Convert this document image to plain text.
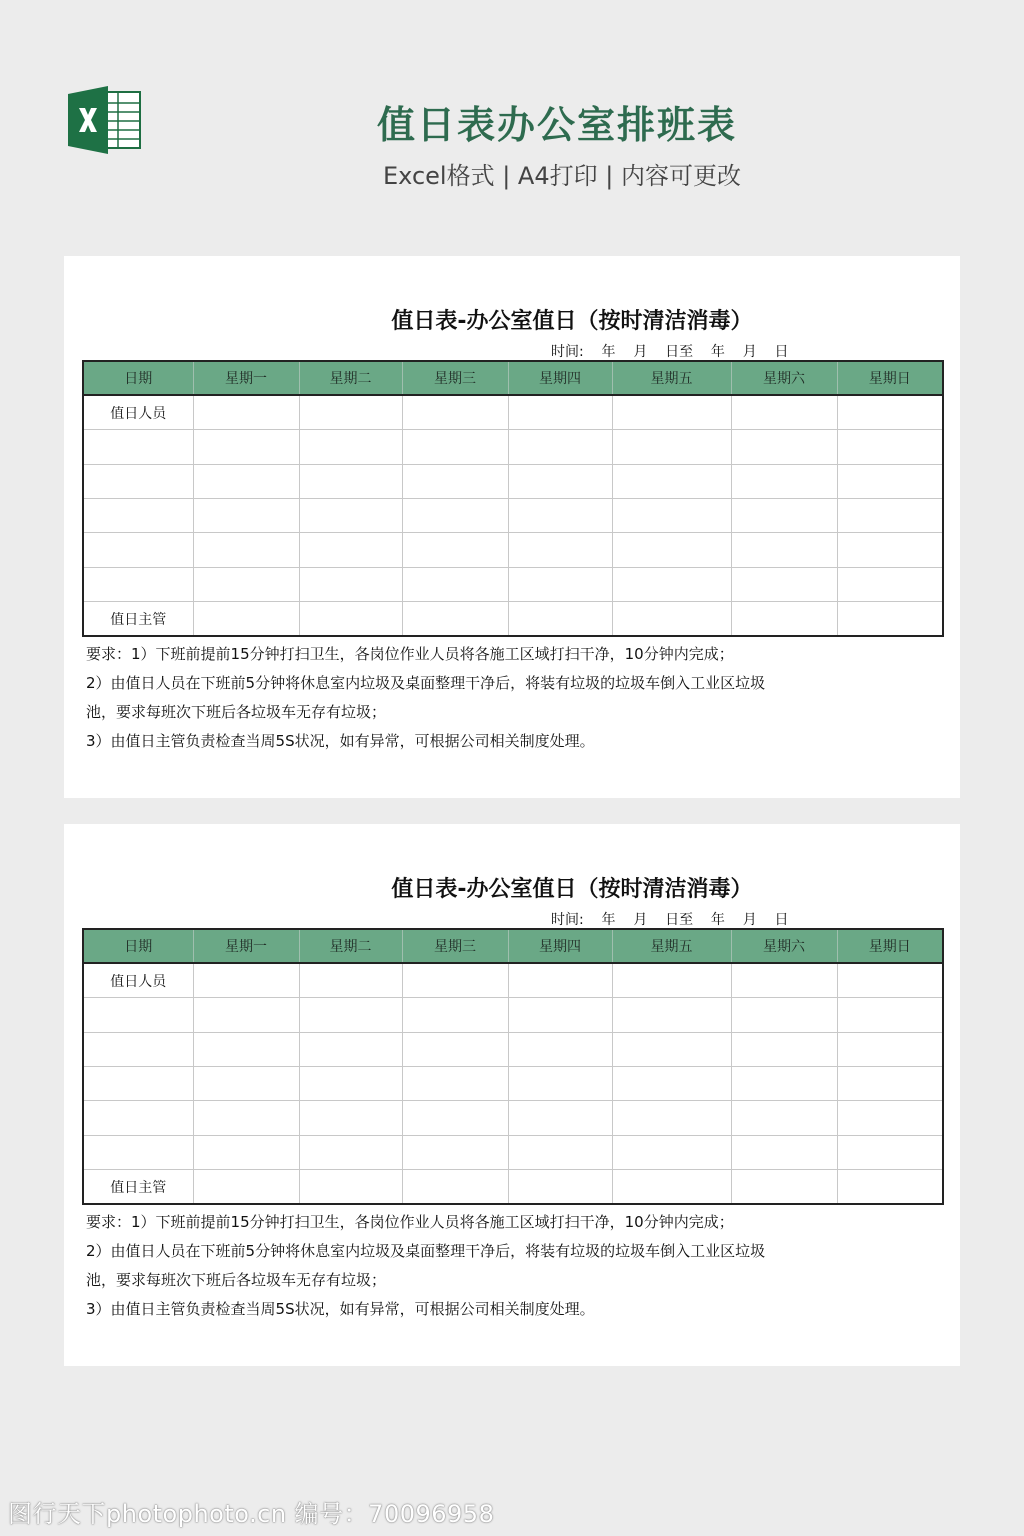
值日表办公室排班表
Excel格式 | A4打印 | 内容可更改
值日表-办公室值日（按时清洁消毒）
时间:    年    月    日至    年    月    日
日期	星期一	星期二	星期三	星期四	星期五	星期六	星期日
值日人员							

值日主管							
要求：1）下班前提前15分钟打扫卫生，各岗位作业人员将各施工区域打扫干净，10分钟内完成；
2）由值日人员在下班前5分钟将休息室内垃圾及桌面整理干净后，将装有垃圾的垃圾车倒入工业区垃圾
池，要求每班次下班后各垃圾车无存有垃圾；
3）由值日主管负责检查当周5S状况，如有异常，可根据公司相关制度处理。
值日表-办公室值日（按时清洁消毒）
时间:    年    月    日至    年    月    日
日期	星期一	星期二	星期三	星期四	星期五	星期六	星期日
值日人员							

值日主管							
要求：1）下班前提前15分钟打扫卫生，各岗位作业人员将各施工区域打扫干净，10分钟内完成；
2）由值日人员在下班前5分钟将休息室内垃圾及桌面整理干净后，将装有垃圾的垃圾车倒入工业区垃圾
池，要求每班次下班后各垃圾车无存有垃圾；
3）由值日主管负责检查当周5S状况，如有异常，可根据公司相关制度处理。
图行天下photophoto.cn 编号：70096958
